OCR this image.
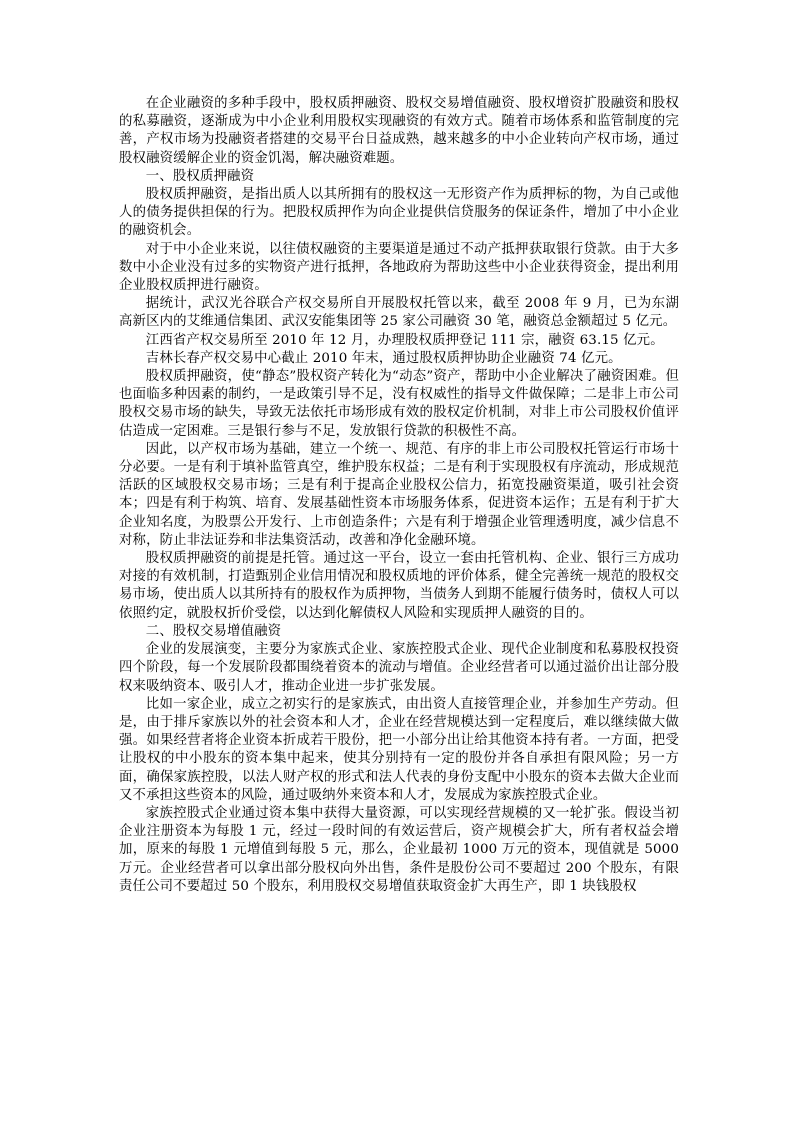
在企业融资的多种手段中，股权质押融资、股权交易增值融资、股权增资扩股融资和股权的私募融资，逐渐成为中小企业利用股权实现融资的有效方式。随着市场体系和监管制度的完善，产权市场为投融资者搭建的交易平台日益成熟，越来越多的中小企业转向产权市场，通过股权融资缓解企业的资金饥渴，解决融资难题。

一、股权质押融资

股权质押融资，是指出质人以其所拥有的股权这一无形资产作为质押标的物，为自己或他人的债务提供担保的行为。把股权质押作为向企业提供信贷服务的保证条件，增加了中小企业的融资机会。

对于中小企业来说，以往债权融资的主要渠道是通过不动产抵押获取银行贷款。由于大多数中小企业没有过多的实物资产进行抵押，各地政府为帮助这些中小企业获得资金，提出利用企业股权质押进行融资。

据统计，武汉光谷联合产权交易所自开展股权托管以来，截至 2008 年 9 月，已为东湖高新区内的艾维通信集团、武汉安能集团等 25 家公司融资 30 笔，融资总金额超过 5 亿元。

江西省产权交易所至 2010 年 12 月，办理股权质押登记 111 宗，融资 63.15 亿元。

吉林长春产权交易中心截止 2010 年末，通过股权质押协助企业融资 74 亿元。

股权质押融资，使“静态”股权资产转化为“动态”资产，帮助中小企业解决了融资困难。但也面临多种因素的制约，一是政策引导不足，没有权威性的指导文件做保障；二是非上市公司股权交易市场的缺失，导致无法依托市场形成有效的股权定价机制，对非上市公司股权价值评估造成一定困难。三是银行参与不足，发放银行贷款的积极性不高。

因此，以产权市场为基础，建立一个统一、规范、有序的非上市公司股权托管运行市场十分必要。一是有利于填补监管真空，维护股东权益；二是有利于实现股权有序流动，形成规范活跃的区域股权交易市场；三是有利于提高企业股权公信力，拓宽投融资渠道，吸引社会资本；四是有利于构筑、培育、发展基础性资本市场服务体系，促进资本运作；五是有利于扩大企业知名度，为股票公开发行、上市创造条件；六是有利于增强企业管理透明度，减少信息不对称，防止非法证券和非法集资活动，改善和净化金融环境。

股权质押融资的前提是托管。通过这一平台，设立一套由托管机构、企业、银行三方成功对接的有效机制，打造甄别企业信用情况和股权质地的评价体系，健全完善统一规范的股权交易市场，使出质人以其所持有的股权作为质押物，当债务人到期不能履行债务时，债权人可以依照约定，就股权折价受偿，以达到化解债权人风险和实现质押人融资的目的。

二、股权交易增值融资

企业的发展演变，主要分为家族式企业、家族控股式企业、现代企业制度和私募股权投资四个阶段，每一个发展阶段都围绕着资本的流动与增值。企业经营者可以通过溢价出让部分股权来吸纳资本、吸引人才，推动企业进一步扩张发展。

比如一家企业，成立之初实行的是家族式，由出资人直接管理企业，并参加生产劳动。但是，由于排斥家族以外的社会资本和人才，企业在经营规模达到一定程度后，难以继续做大做强。如果经营者将企业资本折成若干股份，把一小部分出让给其他资本持有者。一方面，把受让股权的中小股东的资本集中起来，使其分别持有一定的股份并各自承担有限风险；另一方面，确保家族控股，以法人财产权的形式和法人代表的身份支配中小股东的资本去做大企业而又不承担这些资本的风险，通过吸纳外来资本和人才，发展成为家族控股式企业。

家族控股式企业通过资本集中获得大量资源，可以实现经营规模的又一轮扩张。假设当初企业注册资本为每股 1 元，经过一段时间的有效运营后，资产规模会扩大，所有者权益会增加，原来的每股 1 元增值到每股 5 元，那么，企业最初 1000 万元的资本，现值就是 5000 万元。企业经营者可以拿出部分股权向外出售，条件是股份公司不要超过 200 个股东，有限责任公司不要超过 50 个股东，利用股权交易增值获取资金扩大再生产，即 1 块钱股权
